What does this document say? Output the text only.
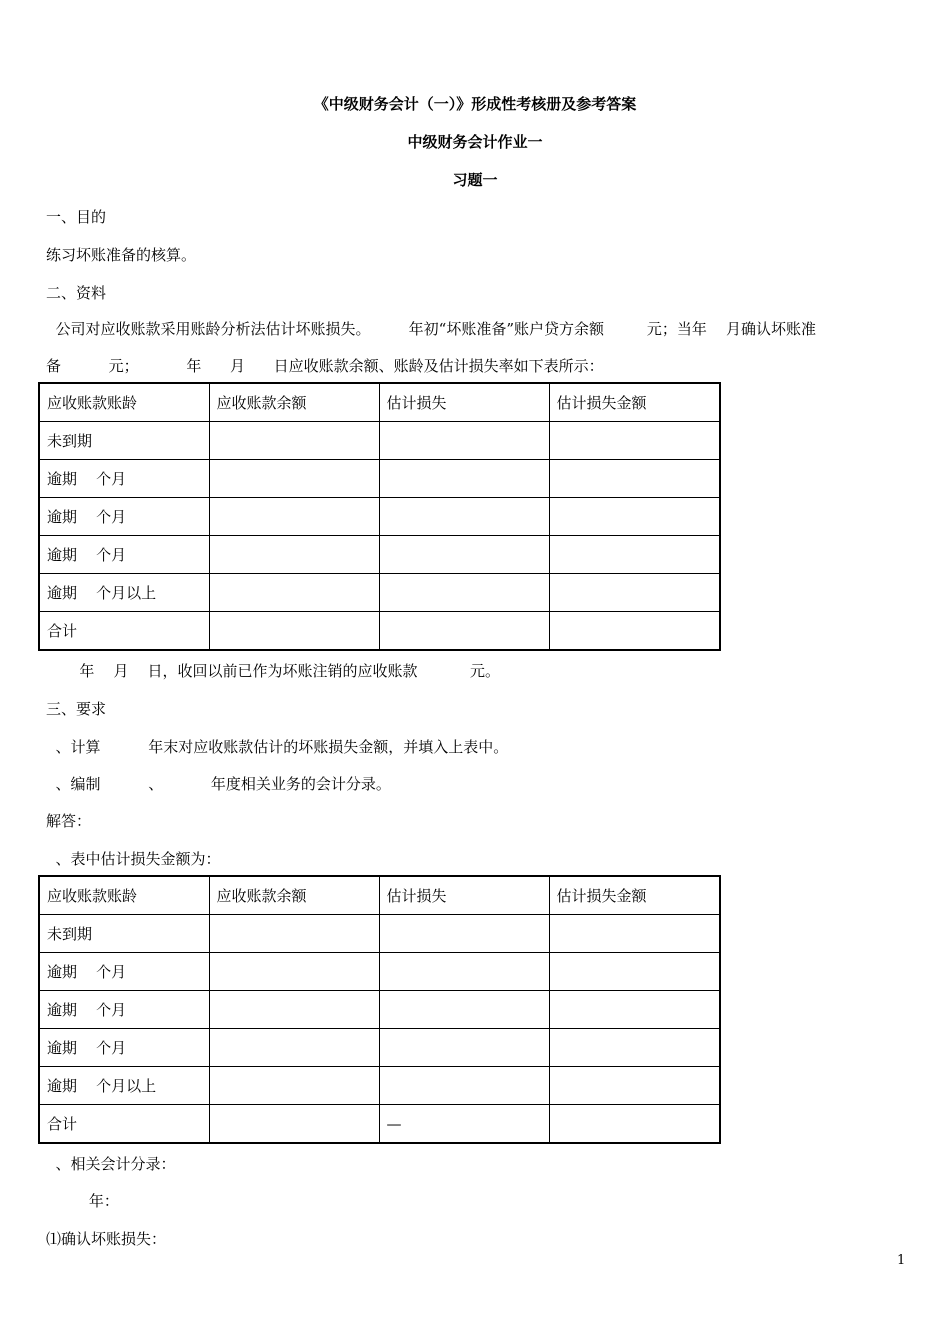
《中级财务会计（一）》形成性考核册及参考答案
中级财务会计作业一
习题一
一、目的
练习坏账准备的核算。
二、资料
公司对应收账款采用账龄分析法估计坏账损失。        年初“坏账准备”账户贷方余额         元；当年    月确认坏账准
备          元；          年      月      日应收账款余额、账龄及估计损失率如下表所示：
应收账款账龄	应收账款余额	估计损失	估计损失金额
未到期			
逾期    个月			
逾期    个月			
逾期    个月			
逾期    个月以上			
合计			
年    月    日，收回以前已作为坏账注销的应收账款           元。
三、要求
、计算          年末对应收账款估计的坏账损失金额，并填入上表中。
、编制          、          年度相关业务的会计分录。
解答：
、表中估计损失金额为：
应收账款账龄	应收账款余额	估计损失	估计损失金额
未到期			
逾期    个月			
逾期    个月			
逾期    个月			
逾期    个月以上			
合计		—	
、相关会计分录：
年：
⑴确认坏账损失：
1
